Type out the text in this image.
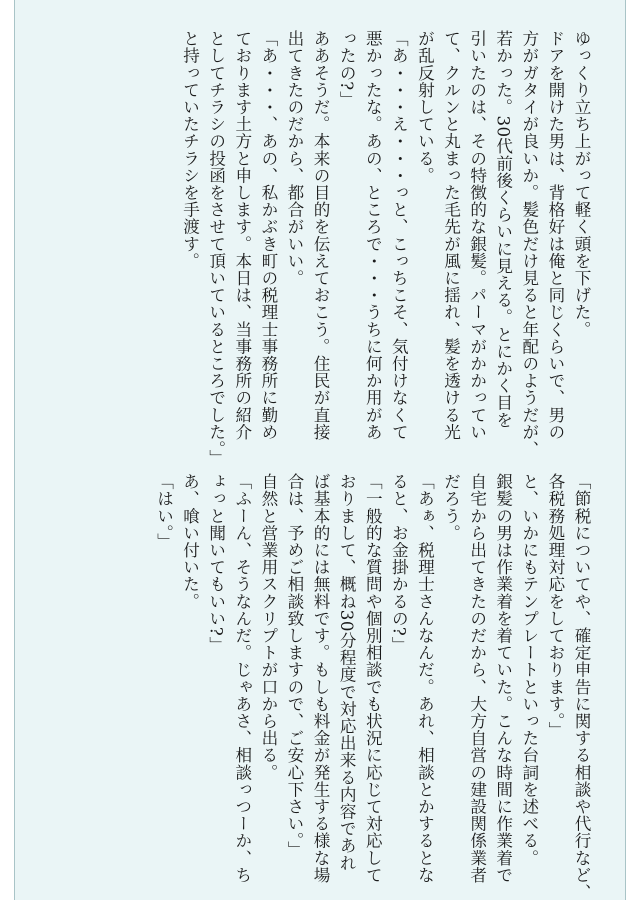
ゆっくり立ち上がって軽く頭を下げた。
ドアを開けた男は、背格好は俺と同じくらいで、男の
方がガタイが良いか。髪色だけ見ると年配のようだが、
若かった。30代前後くらいに見える。とにかく目を
引いたのは、その特徴的な銀髪。パーマがかかってい
て、クルンと丸まった毛先が風に揺れ、髪を透ける光
が乱反射している。
「あ・・・え・・・っと、こっちこそ、気付けなくて
悪かったな。あの、ところで・・・うちに何か用があ
ったの?」
ああそうだ。本来の目的を伝えておこう。住民が直接
出てきたのだから、都合がいい。
「あ・・・、あの、私かぶき町の税理士事務所に勤め
ております土方と申します。本日は、当事務所の紹介
としてチラシの投函をさせて頂いているところでした。」
と持っていたチラシを手渡す。
「節税についてや、確定申告に関する相談や代行など、
各税務処理対応をしております。」
と、いかにもテンプレートといった台詞を述べる。
銀髪の男は作業着を着ていた。こんな時間に作業着で
自宅から出てきたのだから、大方自営の建設関係業者
だろう。
「あぁ、税理士さんなんだ。あれ、相談とかするとな
ると、お金掛かるの?」
「一般的な質問や個別相談でも状況に応じて対応して
おりまして、概ね30分程度で対応出来る内容であれ
ば基本的には無料です。もしも料金が発生する様な場
合は、予めご相談致しますので、ご安心下さい。」
自然と営業用スクリプトが口から出る。
「ふーん、そうなんだ。じゃあさ、相談っつーか、ち
ょっと聞いてもいい?」
あ、喰い付いた。
「はい。」
